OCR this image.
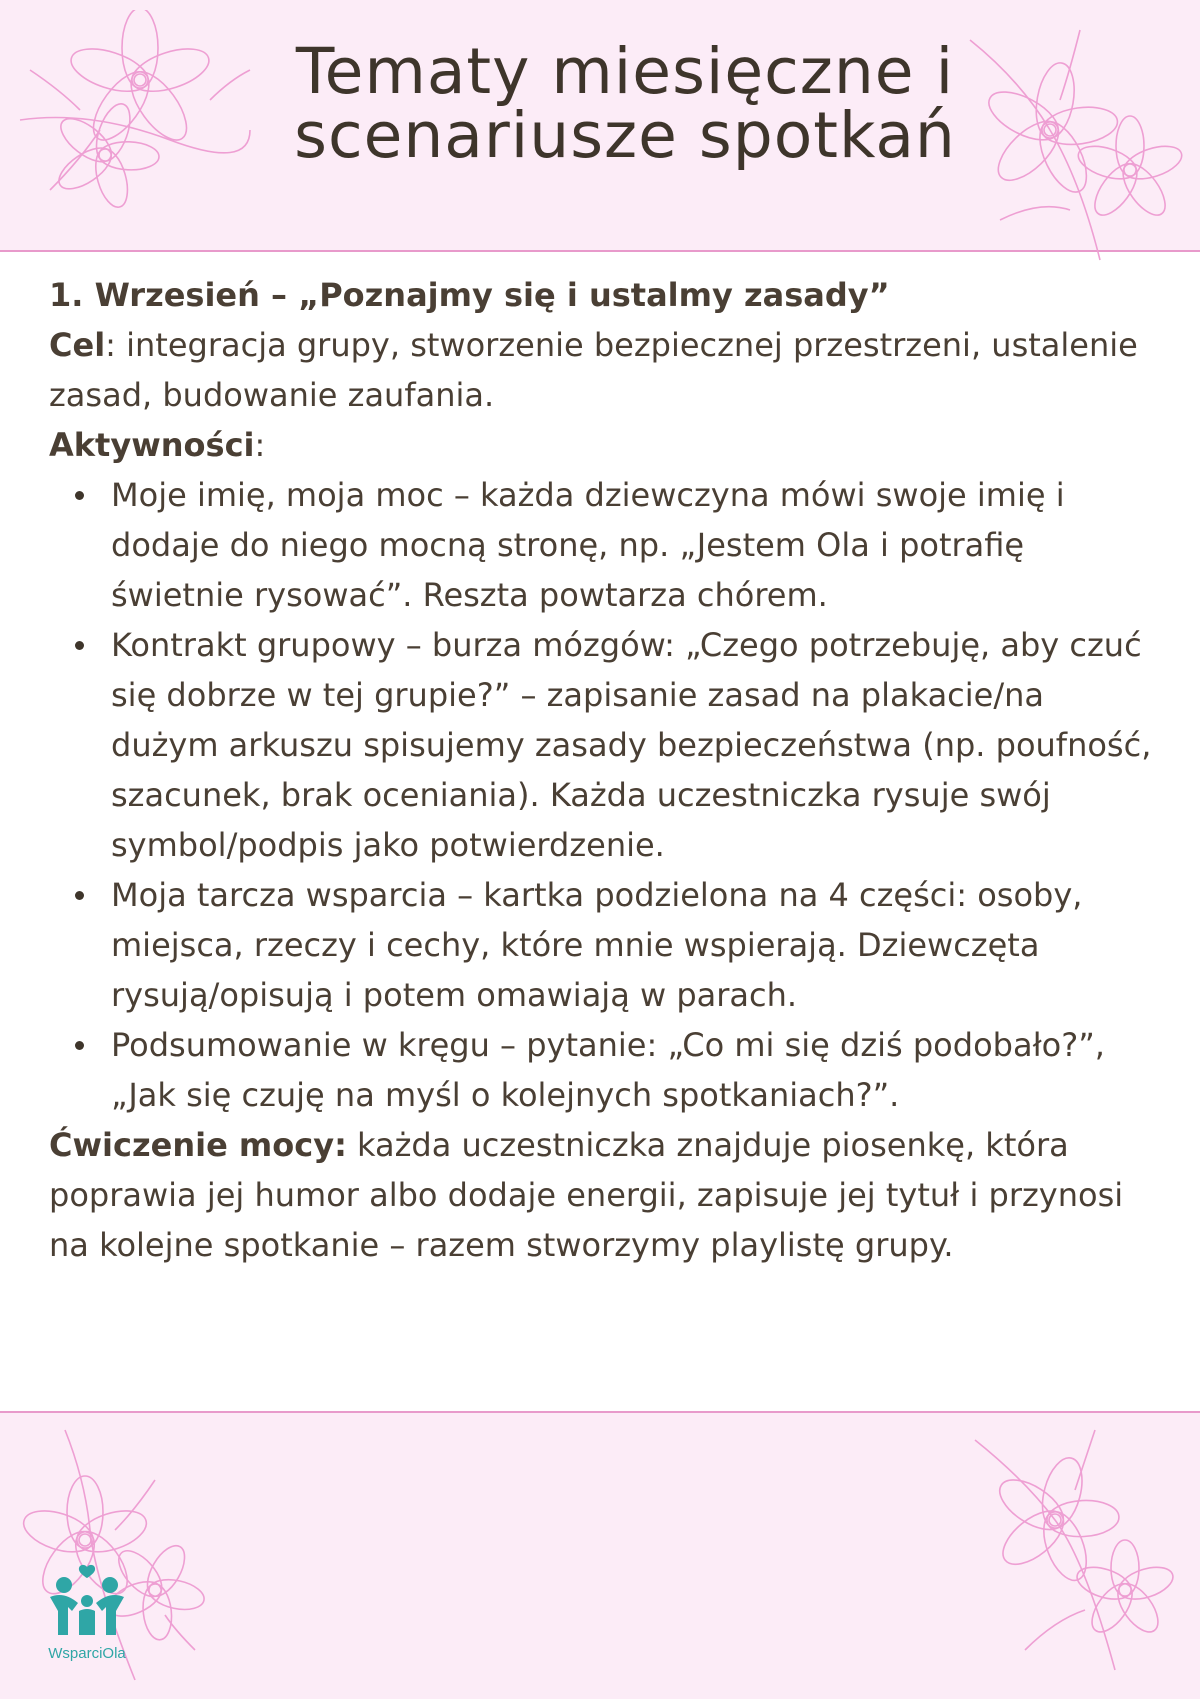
Tematy miesięczne i
scenariusze spotkań

1. Wrzesień – „Poznajmy się i ustalmy zasady”

Cel: integracja grupy, stworzenie bezpiecznej przestrzeni, ustalenie zasad, budowanie zaufania.

Aktywności:

Moje imię, moja moc – każda dziewczyna mówi swoje imię i dodaje do niego mocną stronę, np. „Jestem Ola i potrafię świetnie rysować”. Reszta powtarza chórem.
Kontrakt grupowy – burza mózgów: „Czego potrzebuję, aby czuć się dobrze w tej grupie?” – zapisanie zasad na plakacie/na dużym arkuszu spisujemy zasady bezpieczeństwa (np. poufność, szacunek, brak oceniania). Każda uczestniczka rysuje swój symbol/podpis jako potwierdzenie.
Moja tarcza wsparcia – kartka podzielona na 4 części: osoby, miejsca, rzeczy i cechy, które mnie wspierają. Dziewczęta rysują/opisują i potem omawiają w parach.
Podsumowanie w kręgu – pytanie: „Co mi się dziś podobało?”, „Jak się czuję na myśl o kolejnych spotkaniach?”.

Ćwiczenie mocy: każda uczestniczka znajduje piosenkę, która poprawia jej humor albo dodaje energii, zapisuje jej tytuł i przynosi na kolejne spotkanie – razem stworzymy playlistę grupy.

WsparciOla
